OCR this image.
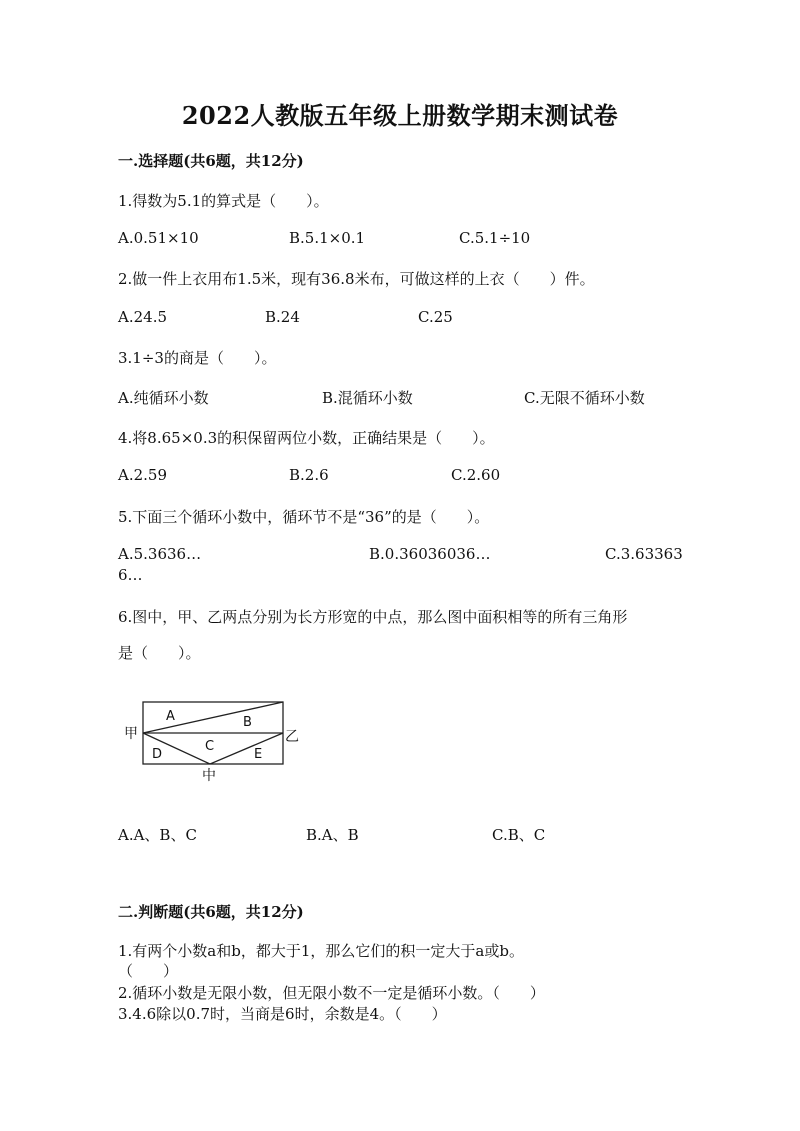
2022人教版五年级上册数学期末测试卷
一.选择题(共6题，共12分)
1.得数为5.1的算式是（　　）。
A.0.51×10	B.5.1×0.1	C.5.1÷10
2.做一件上衣用布1.5米，现有36.8米布，可做这样的上衣（　　）件。
A.24.5	B.24	C.25
3.1÷3的商是（　　）。
A.纯循环小数	B.混循环小数	C.无限不循环小数
4.将8.65×0.3的积保留两位小数，正确结果是（　　）。
A.2.59	B.2.6	C.2.60
5.下面三个循环小数中，循环节不是“36”的是（　　）。
A.5.3636…	B.0.36036036…	C.3.63363
6…
6.图中，甲、乙两点分别为长方形宽的中点，那么图中面积相等的所有三角形
是（　　）。
A	B
C
D	E
甲	乙
中
A.A、B、C	B.A、B	C.B、C
二.判断题(共6题，共12分)
1.有两个小数a和b，都大于1，那么它们的积一定大于a或b。
（　　）
2.循环小数是无限小数，但无限小数不一定是循环小数。（　　）
3.4.6除以0.7时，当商是6时，余数是4。（　　）
